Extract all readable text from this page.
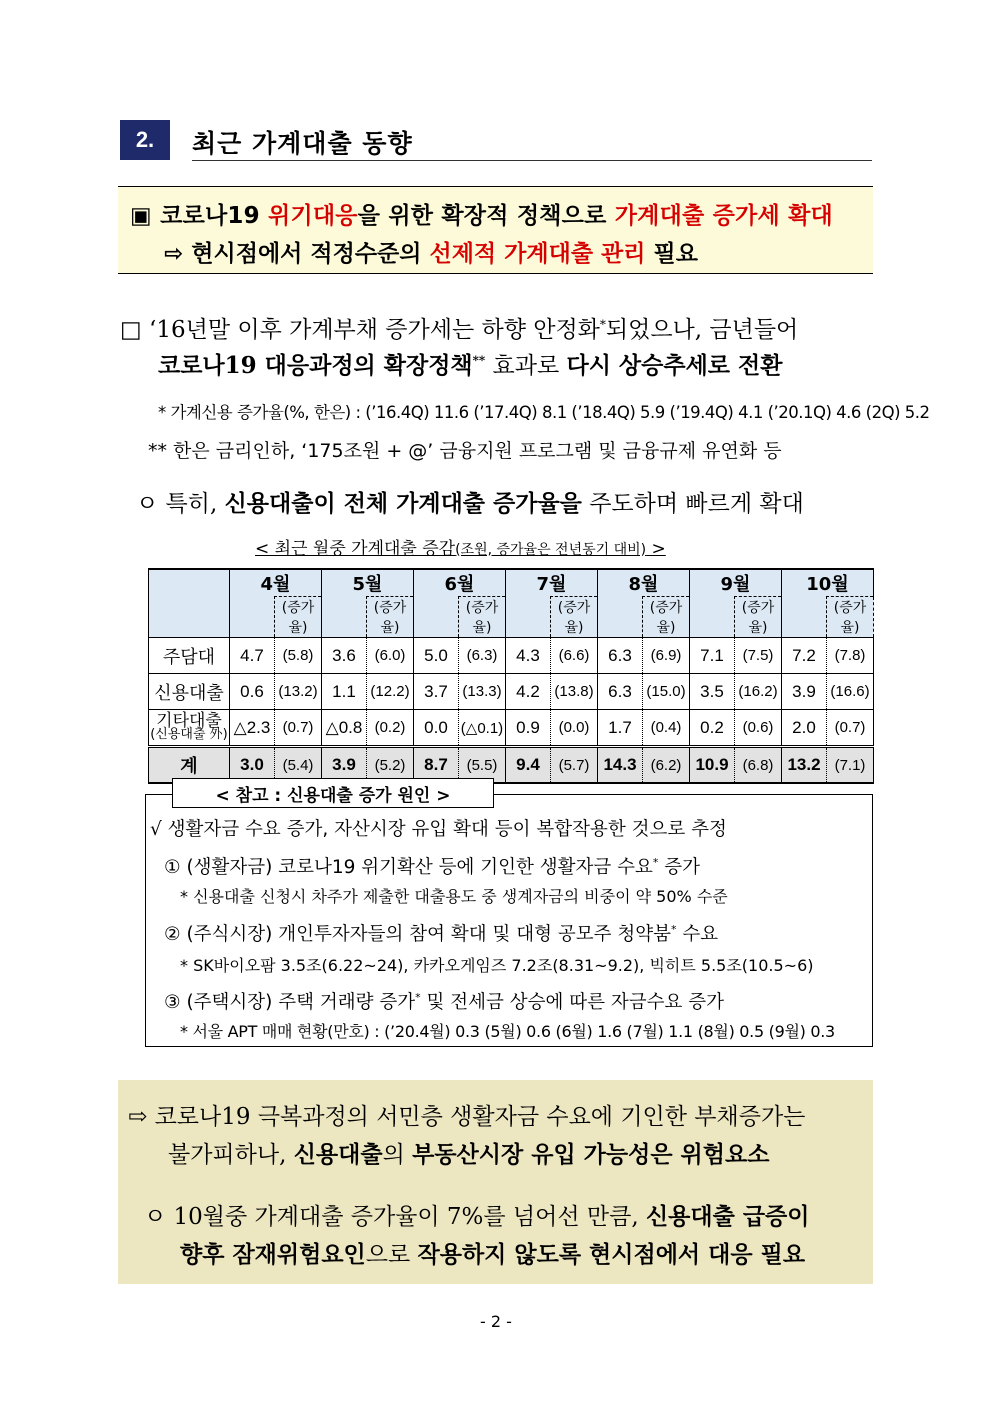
2.	최근 가계대출 동향
▣ 코로나19 위기대응을 위한 확장적 정책으로 가계대출 증가세 확대
⇨ 현시점에서 적정수준의 선제적 가계대출 관리 필요
□ ‘16년말 이후 가계부채 증가세는 하향 안정화*되었으나, 금년들어
코로나19 대응과정의 확장정책** 효과로 다시 상승추세로 전환
* 가계신용 증가율(%, 한은) : (’16.4Q) 11.6 (’17.4Q) 8.1 (’18.4Q) 5.9 (’19.4Q) 4.1 (’20.1Q) 4.6 (2Q) 5.2
** 한은 금리인하, ‘175조원 + @’ 금융지원 프로그램 및 금융규제 유연화 등
ㅇ 특히, 신용대출이 전체 가계대출 증가율을 주도하며 빠르게 확대
< 최근 월중 가계대출 증감(조원, 증가율은 전년동기 대비) >
	4월		5월		6월		7월		8월		9월		10월	
		(증가율)		(증가율)		(증가율)		(증가율)		(증가율)		(증가율)		(증가율)
주담대	4.7	(5.8)	3.6	(6.0)	5.0	(6.3)	4.3	(6.6)	6.3	(6.9)	7.1	(7.5)	7.2	(7.8)
신용대출	0.6	(13.2)	1.1	(12.2)	3.7	(13.3)	4.2	(13.8)	6.3	(15.0)	3.5	(16.2)	3.9	(16.6)

기타대출
(신용대출 外)	△2.3	(0.7)	△0.8	(0.2)	0.0	(△0.1)	0.9	(0.0)	1.7	(0.4)	0.2	(0.6)	2.0	(0.7)
계	3.0	(5.4)	3.9	(5.2)	8.7	(5.5)	9.4	(5.7)	14.3	(6.2)	10.9	(6.8)	13.2	(7.1)
√ 생활자금 수요 증가, 자산시장 유입 확대 등이 복합작용한 것으로 추정
① (생활자금) 코로나19 위기확산 등에 기인한 생활자금 수요* 증가
* 신용대출 신청시 차주가 제출한 대출용도 중 생계자금의 비중이 약 50% 수준
② (주식시장) 개인투자자들의 참여 확대 및 대형 공모주 청약붐* 수요
* SK바이오팜 3.5조(6.22~24), 카카오게임즈 7.2조(8.31~9.2), 빅히트 5.5조(10.5~6)
③ (주택시장) 주택 거래량 증가* 및 전세금 상승에 따른 자금수요 증가
* 서울 APT 매매 현황(만호) : (’20.4월) 0.3 (5월) 0.6 (6월) 1.6 (7월) 1.1 (8월) 0.5 (9월) 0.3
< 참고 : 신용대출 증가 원인 >
⇨ 코로나19 극복과정의 서민층 생활자금 수요에 기인한 부채증가는
불가피하나, 신용대출의 부동산시장 유입 가능성은 위험요소
ㅇ 10월중 가계대출 증가율이 7%를 넘어선 만큼, 신용대출 급증이
향후 잠재위험요인으로 작용하지 않도록 현시점에서 대응 필요
- 2 -
